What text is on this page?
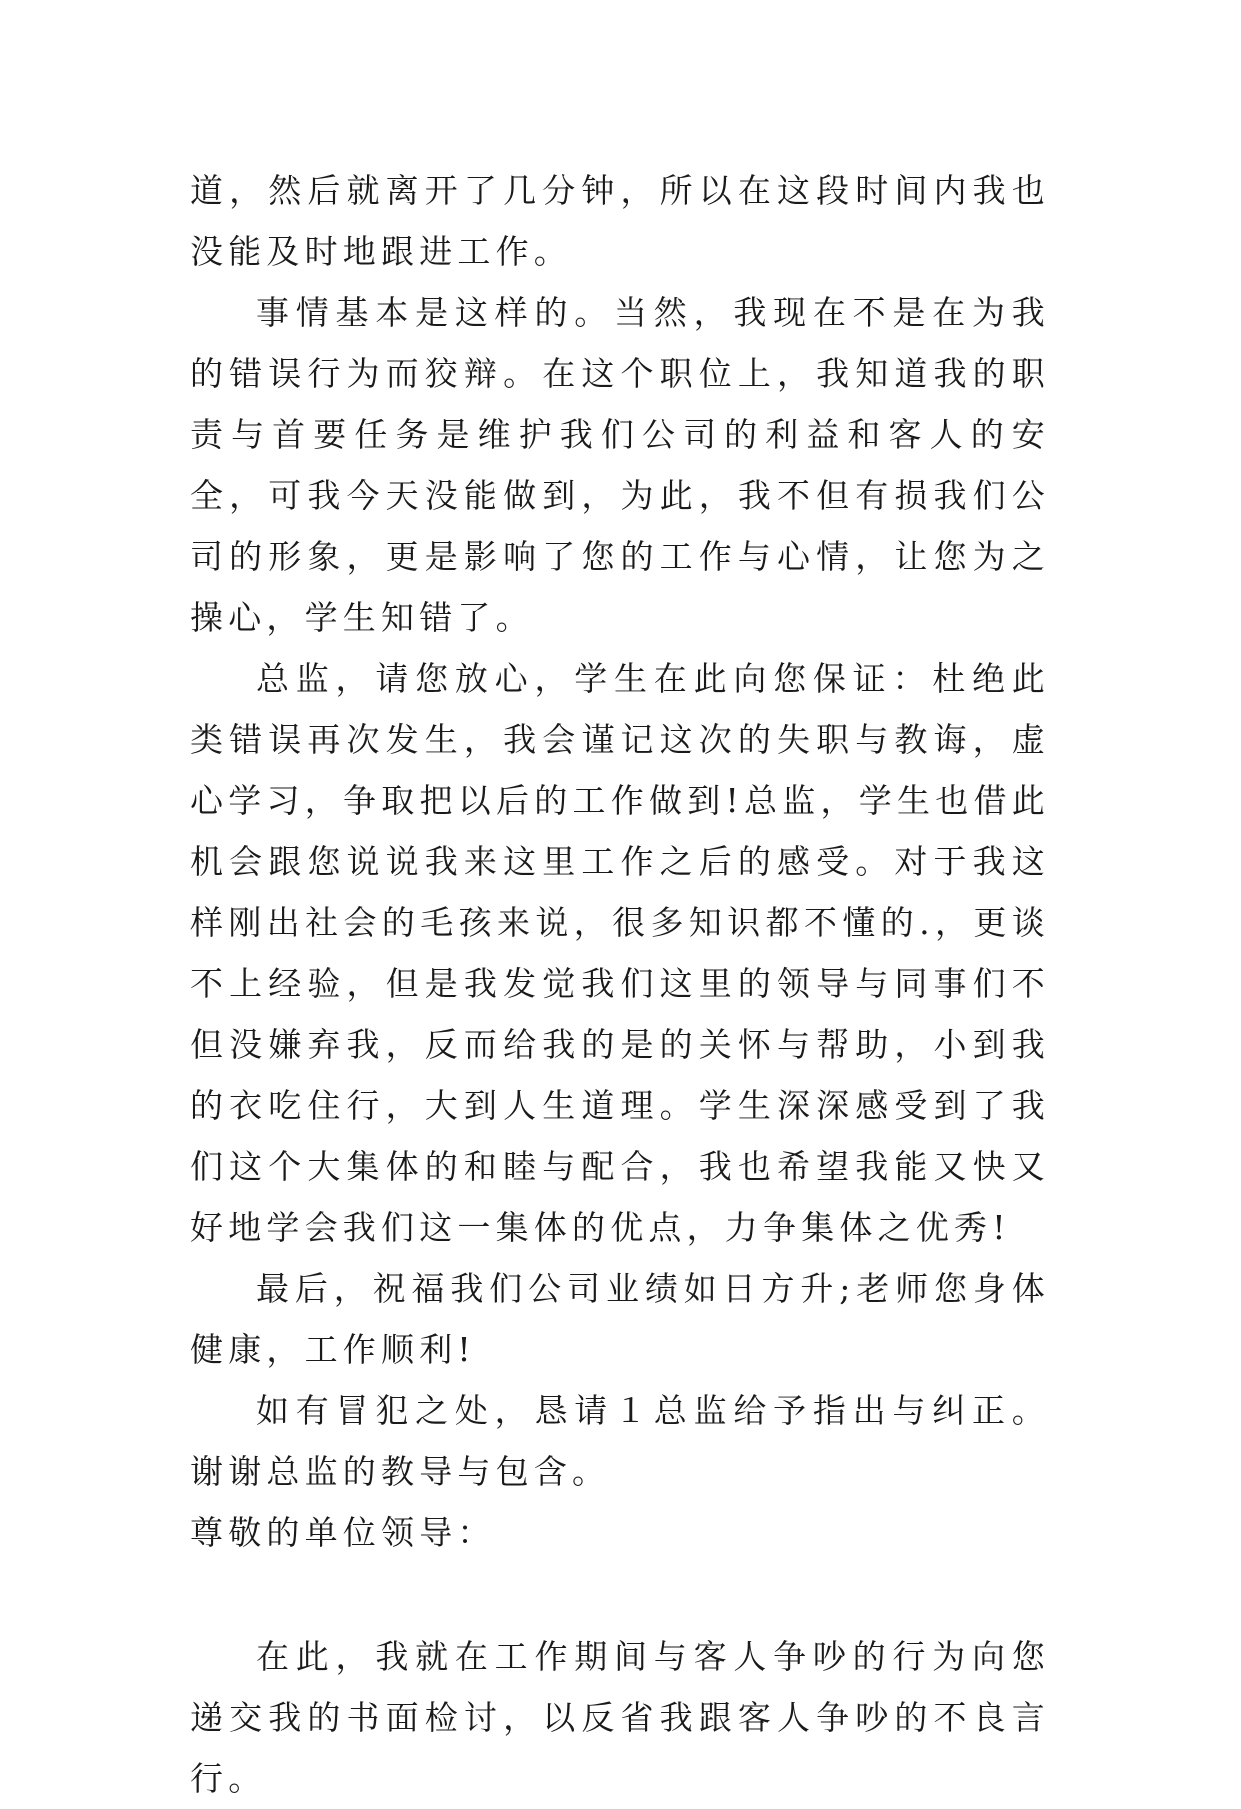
道，然后就离开了几分钟，所以在这段时间内我也没能及时地跟进工作。

事情基本是这样的。当然，我现在不是在为我的错误行为而狡辩。在这个职位上，我知道我的职责与首要任务是维护我们公司的利益和客人的安全，可我今天没能做到，为此，我不但有损我们公司的形象，更是影响了您的工作与心情，让您为之操心，学生知错了。

总监，请您放心，学生在此向您保证：杜绝此类错误再次发生，我会谨记这次的失职与教诲，虚心学习，争取把以后的工作做到!总监，学生也借此机会跟您说说我来这里工作之后的感受。对于我这样刚出社会的毛孩来说，很多知识都不懂的.，更谈不上经验，但是我发觉我们这里的领导与同事们不但没嫌弃我，反而给我的是的关怀与帮助，小到我的衣吃住行，大到人生道理。学生深深感受到了我们这个大集体的和睦与配合，我也希望我能又快又好地学会我们这一集体的优点，力争集体之优秀!

最后，祝福我们公司业绩如日方升;老师您身体健康，工作顺利!

如有冒犯之处，恳请１总监给予指出与纠正。谢谢总监的教导与包含。

尊敬的单位领导：

在此，我就在工作期间与客人争吵的行为向您递交我的书面检讨，以反省我跟客人争吵的不良言行。
